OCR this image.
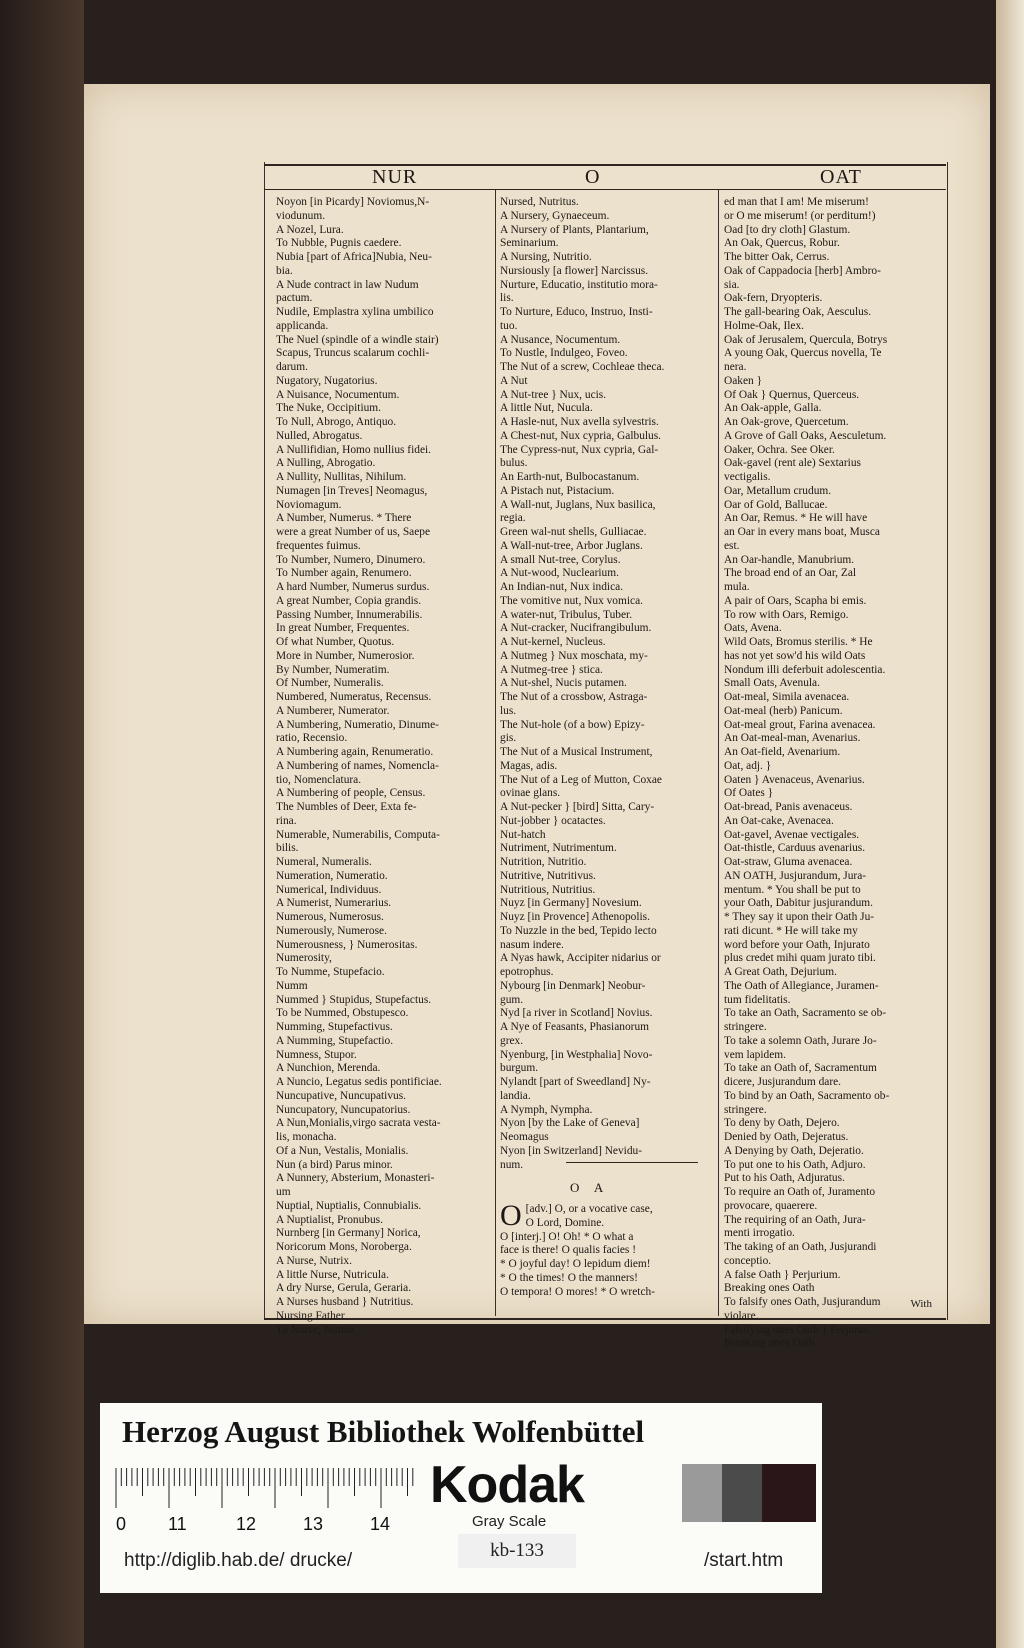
NUR	O	OAT
Noyon [in Picardy] Noviomus,N-
viodunum.
A Nozel, Lura.
To Nubble, Pugnis caedere.
Nubia [part of Africa]Nubia, Neu-
bia.
A Nude contract in law Nudum
pactum.
Nudile, Emplastra xylina umbilico
applicanda.
The Nuel (spindle of a windle stair)
Scapus, Truncus scalarum cochli-
darum.
Nugatory, Nugatorius.
A Nuisance, Nocumentum.
The Nuke, Occipitium.
To Null, Abrogo, Antiquo.
Nulled, Abrogatus.
A Nullifidian, Homo nullius fidei.
A Nulling, Abrogatio.
A Nullity, Nullitas, Nihilum.
Numagen [in Treves] Neomagus,
Noviomagum.
A Number, Numerus. * There
were a great Number of us, Saepe
frequentes fuimus.
To Number, Numero, Dinumero.
To Number again, Renumero.
A hard Number, Numerus surdus.
A great Number, Copia grandis.
Passing Number, Innumerabilis.
In great Number, Frequentes.
Of what Number, Quotus.
More in Number, Numerosior.
By Number, Numeratim.
Of Number, Numeralis.
Numbered, Numeratus, Recensus.
A Numberer, Numerator.
A Numbering, Numeratio, Dinume-
ratio, Recensio.
A Numbering again, Renumeratio.
A Numbering of names, Nomencla-
tio, Nomenclatura.
A Numbering of people, Census.
The Numbles of Deer, Exta fe-
rina.
Numerable, Numerabilis, Computa-
bilis.
Numeral, Numeralis.
Numeration, Numeratio.
Numerical, Individuus.
A Numerist, Numerarius.
Numerous, Numerosus.
Numerously, Numerose.
Numerousness, } Numerositas.
Numerosity,
To Numme, Stupefacio.
Numm
Nummed } Stupidus, Stupefactus.
To be Nummed, Obstupesco.
Numming, Stupefactivus.
A Numming, Stupefactio.
Numness, Stupor.
A Nunchion, Merenda.
A Nuncio, Legatus sedis pontificiae.
Nuncupative, Nuncupativus.
Nuncupatory, Nuncupatorius.
A Nun,Monialis,virgo sacrata vesta-
lis, monacha.
Of a Nun, Vestalis, Monialis.
Nun (a bird) Parus minor.
A Nunnery, Absterium, Monasteri-
um
Nuptial, Nuptialis, Connubialis.
A Nuptialist, Pronubus.
Nurnberg [in Germany] Norica,
Noricorum Mons, Noroberga.
A Nurse, Nutrix.
A little Nurse, Nutricula.
A dry Nurse, Gerula, Geraria.
A Nurses husband } Nutritius.
Nursing Father
To Nurse, Nutrio.
Nursed, Nutritus.
A Nursery, Gynaeceum.
A Nursery of Plants, Plantarium,
Seminarium.
A Nursing, Nutritio.
Nursiously [a flower] Narcissus.
Nurture, Educatio, institutio mora-
lis.
To Nurture, Educo, Instruo, Insti-
tuo.
A Nusance, Nocumentum.
To Nustle, Indulgeo, Foveo.
The Nut of a screw, Cochleae theca.
A Nut
A Nut-tree } Nux, ucis.
A little Nut, Nucula.
A Hasle-nut, Nux avella sylvestris.
A Chest-nut, Nux cypria, Galbulus.
The Cypress-nut, Nux cypria, Gal-
bulus.
An Earth-nut, Bulbocastanum.
A Pistach nut, Pistacium.
A Wall-nut, Juglans, Nux basilica,
regia.
Green wal-nut shells, Gulliacae.
A Wall-nut-tree, Arbor Juglans.
A small Nut-tree, Corylus.
A Nut-wood, Nuclearium.
An Indian-nut, Nux indica.
The vomitive nut, Nux vomica.
A water-nut, Tribulus, Tuber.
A Nut-cracker, Nucifrangibulum.
A Nut-kernel, Nucleus.
A Nutmeg } Nux moschata, my-
A Nutmeg-tree } stica.
A Nut-shel, Nucis putamen.
The Nut of a crossbow, Astraga-
lus.
The Nut-hole (of a bow) Epizy-
gis.
The Nut of a Musical Instrument,
Magas, adis.
The Nut of a Leg of Mutton, Coxae
ovinae glans.
A Nut-pecker } [bird] Sitta, Cary-
Nut-jobber } ocatactes.
Nut-hatch
Nutriment, Nutrimentum.
Nutrition, Nutritio.
Nutritive, Nutritivus.
Nutritious, Nutritius.
Nuyz [in Germany] Novesium.
Nuyz [in Provence] Athenopolis.
To Nuzzle in the bed, Tepido lecto
nasum indere.
A Nyas hawk, Accipiter nidarius or
epotrophus.
Nybourg [in Denmark] Neobur-
gum.
Nyd [a river in Scotland] Novius.
A Nye of Feasants, Phasianorum
grex.
Nyenburg, [in Westphalia] Novo-
burgum.
Nylandt [part of Sweedland] Ny-
landia.
A Nymph, Nympha.
Nyon [by the Lake of Geneva]
Neomagus
Nyon [in Switzerland] Nevidu-
num.
O A
O [adv.] O, or a vocative case,
O Lord, Domine.
O [interj.] O! Oh! * O what a
face is there! O qualis facies !
* O joyful day! O lepidum diem!
* O the times! O the manners!
O tempora! O mores! * O wretch-
ed man that I am! Me miserum!
or O me miserum! (or perditum!)
Oad [to dry cloth] Glastum.
An Oak, Quercus, Robur.
The bitter Oak, Cerrus.
Oak of Cappadocia [herb] Ambro-
sia.
Oak-fern, Dryopteris.
The gall-bearing Oak, Aesculus.
Holme-Oak, Ilex.
Oak of Jerusalem, Quercula, Botrys
A young Oak, Quercus novella, Te
nera.
Oaken }
Of Oak } Quernus, Querceus.
An Oak-apple, Galla.
An Oak-grove, Quercetum.
A Grove of Gall Oaks, Aesculetum.
Oaker, Ochra. See Oker.
Oak-gavel (rent ale) Sextarius
vectigalis.
Oar, Metallum crudum.
Oar of Gold, Ballucae.
An Oar, Remus. * He will have
an Oar in every mans boat, Musca
est.
An Oar-handle, Manubrium.
The broad end of an Oar, Zal
mula.
A pair of Oars, Scapha bi emis.
To row with Oars, Remigo.
Oats, Avena.
Wild Oats, Bromus sterilis. * He
has not yet sow'd his wild Oats
Nondum illi deferbuit adolescentia.
Small Oats, Avenula.
Oat-meal, Simila avenacea.
Oat-meal (herb) Panicum.
Oat-meal grout, Farina avenacea.
An Oat-meal-man, Avenarius.
An Oat-field, Avenarium.
Oat, adj. }
Oaten } Avenaceus, Avenarius.
Of Oates }
Oat-bread, Panis avenaceus.
An Oat-cake, Avenacea.
Oat-gavel, Avenae vectigales.
Oat-thistle, Carduus avenarius.
Oat-straw, Gluma avenacea.
AN OATH, Jusjurandum, Jura-
mentum. * You shall be put to
your Oath, Dabitur jusjurandum.
* They say it upon their Oath Ju-
rati dicunt. * He will take my
word before your Oath, Injurato
plus credet mihi quam jurato tibi.
A Great Oath, Dejurium.
The Oath of Allegiance, Juramen-
tum fidelitatis.
To take an Oath, Sacramento se ob-
stringere.
To take a solemn Oath, Jurare Jo-
vem lapidem.
To take an Oath of, Sacramentum
dicere, Jusjurandum dare.
To bind by an Oath, Sacramento ob-
stringere.
To deny by Oath, Dejero.
Denied by Oath, Dejeratus.
A Denying by Oath, Dejeratio.
To put one to his Oath, Adjuro.
Put to his Oath, Adjuratus.
To require an Oath of, Juramento
provocare, quaerere.
The requiring of an Oath, Jura-
menti irrogatio.
The taking of an Oath, Jusjurandi
conceptio.
A false Oath } Perjurium.
Breaking ones Oath
To falsify ones Oath, Jusjurandum
violare.
Falsifying ones Oath } Perjurus.
Breaking ones Oath
With
Herzog August Bibliothek Wolfenbüttel
0 11	12	13	14
Kodak
Gray Scale
http://diglib.hab.de/ drucke/	kb-133	/start.htm
